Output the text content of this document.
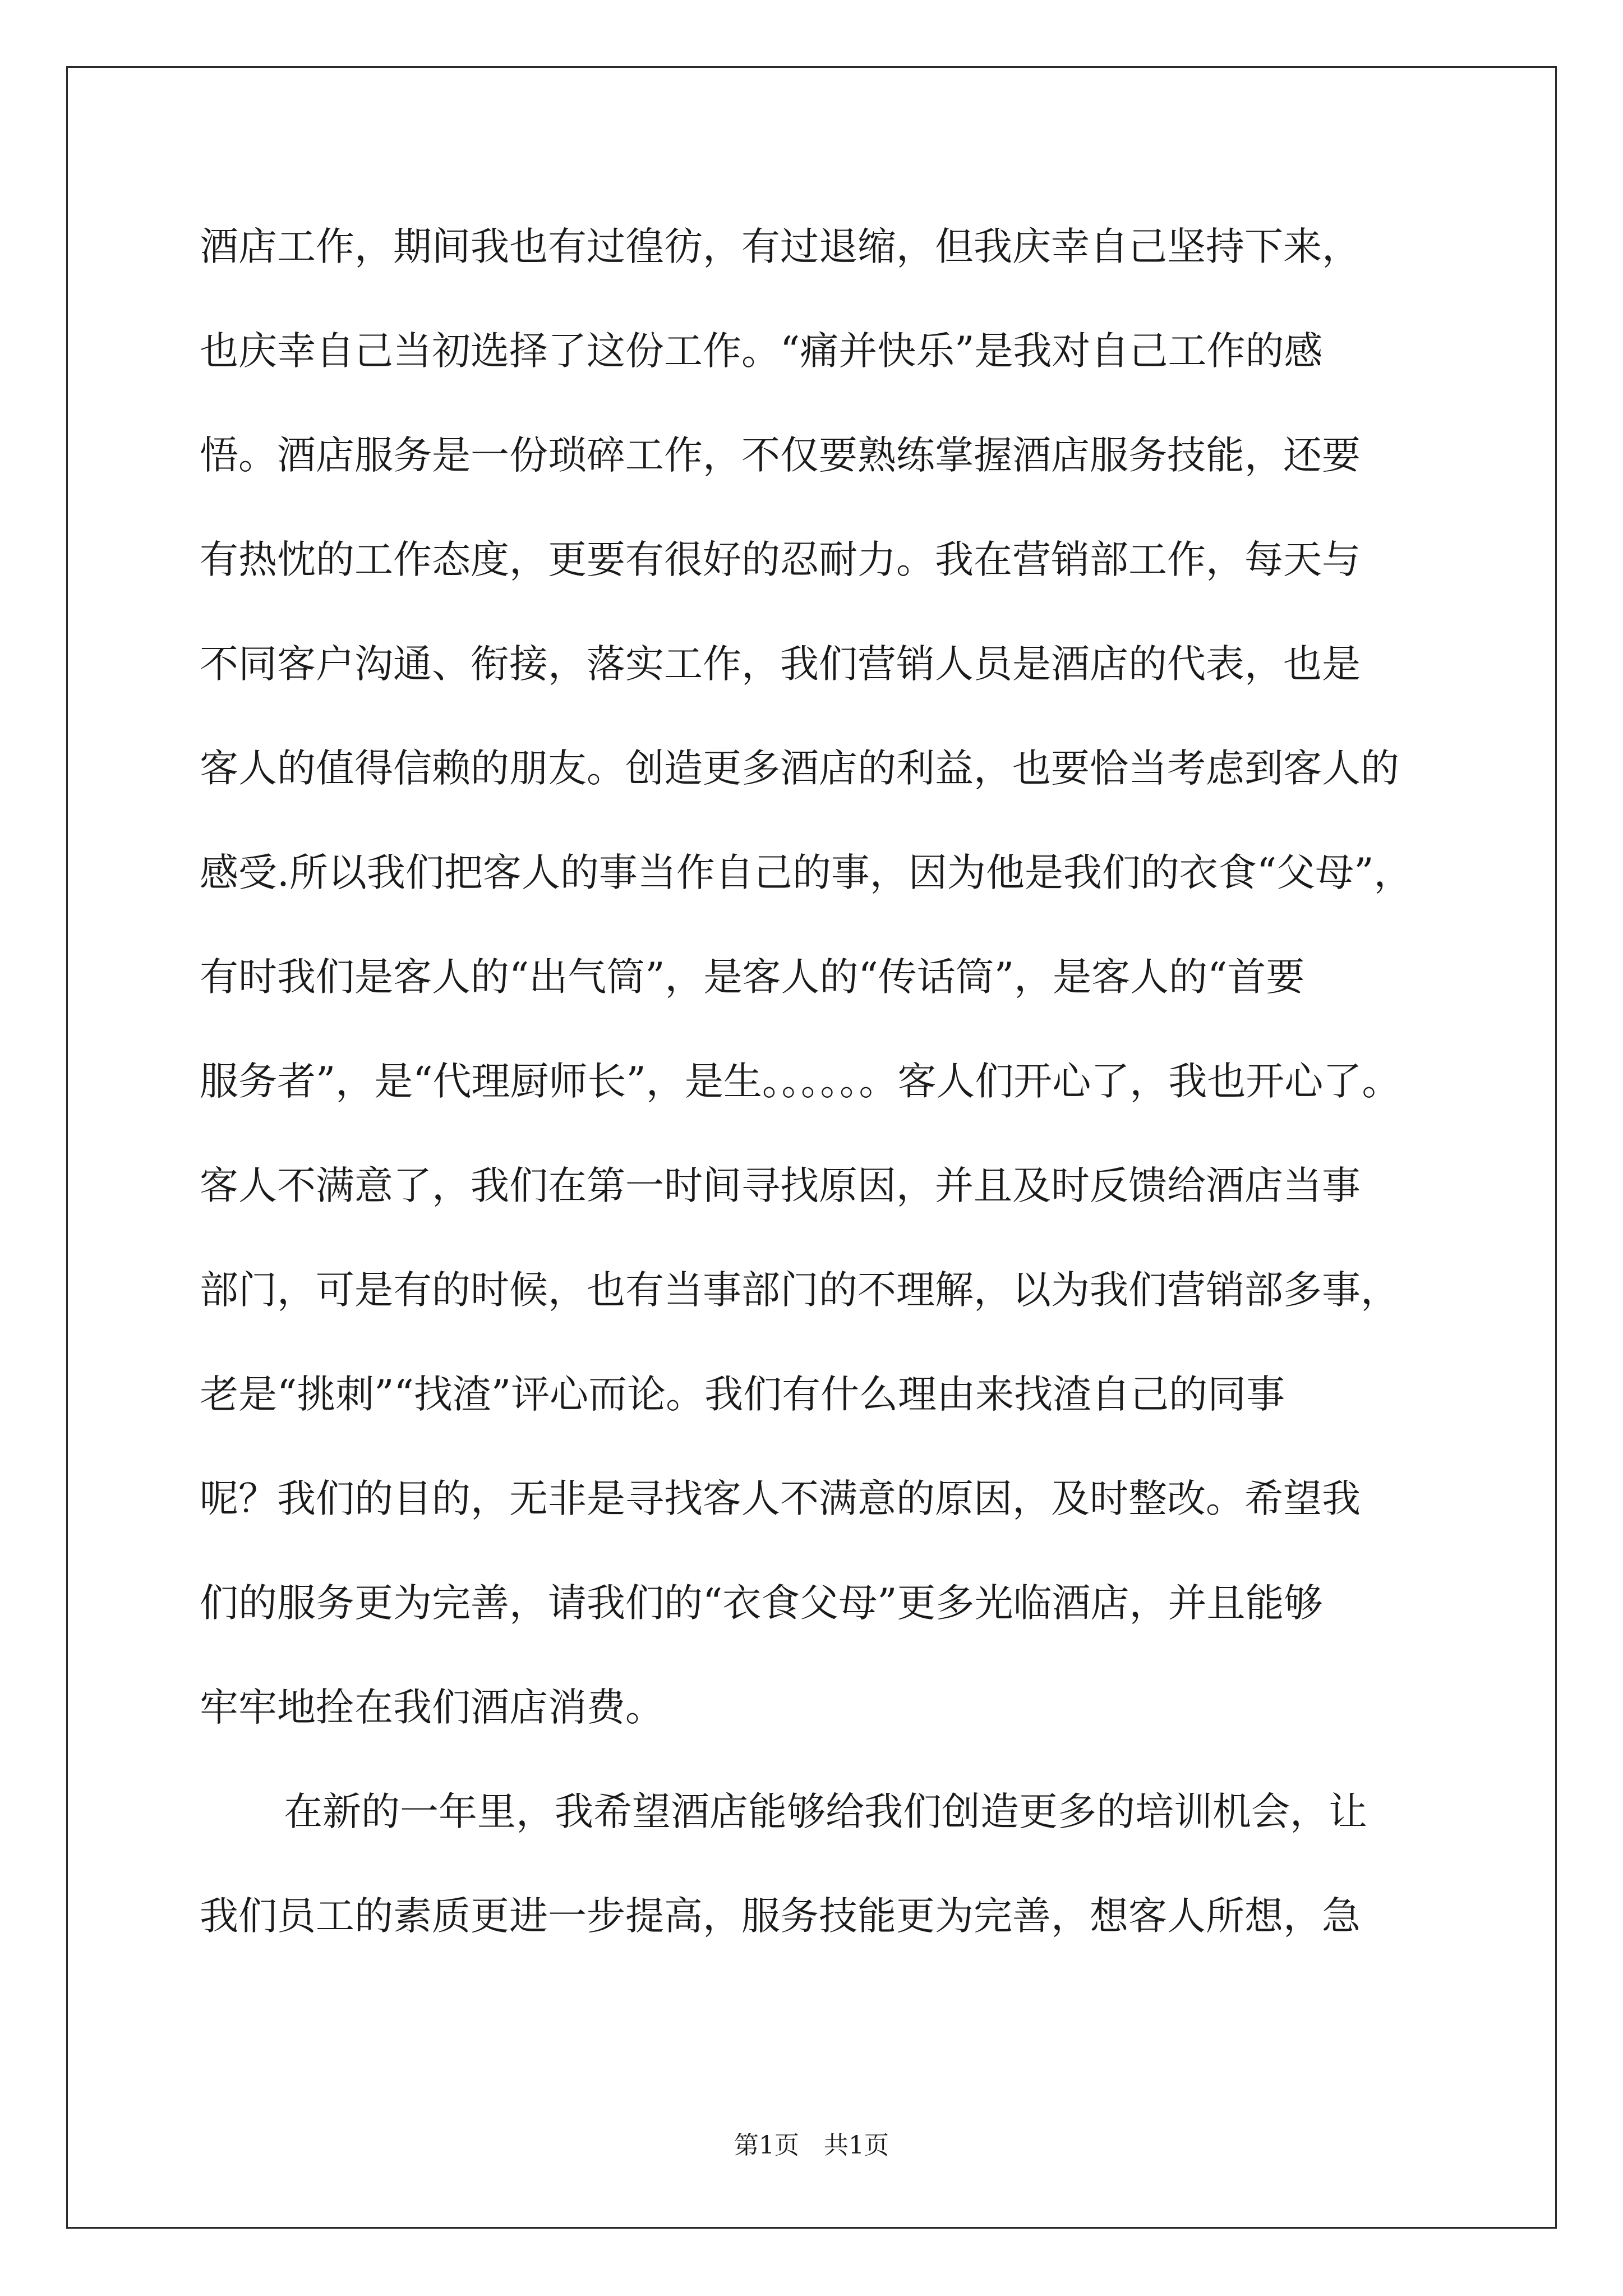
酒店工作，期间我也有过徨彷，有过退缩，但我庆幸自己坚持下来，
也庆幸自己当初选择了这份工作。“痛并快乐”是我对自己工作的感
悟。酒店服务是一份琐碎工作，不仅要熟练掌握酒店服务技能，还要
有热忱的工作态度，更要有很好的忍耐力。我在营销部工作，每天与
不同客户沟通、衔接，落实工作，我们营销人员是酒店的代表，也是
客人的值得信赖的朋友。创造更多酒店的利益，也要恰当考虑到客人的
感受.所以我们把客人的事当作自己的事，因为他是我们的衣食“父母”，
有时我们是客人的“出气筒”，是客人的“传话筒”，是客人的“首要
服务者”，是“代理厨师长”，是生。。。。。。客人们开心了，我也开心了。
客人不满意了，我们在第一时间寻找原因，并且及时反馈给酒店当事
部门，可是有的时候，也有当事部门的不理解，以为我们营销部多事，
老是“挑刺”“找渣”评心而论。我们有什么理由来找渣自己的同事
呢？我们的目的，无非是寻找客人不满意的原因，及时整改。希望我
们的服务更为完善，请我们的“衣食父母”更多光临酒店，并且能够
牢牢地拴在我们酒店消费。
在新的一年里，我希望酒店能够给我们创造更多的培训机会，让
我们员工的素质更进一步提高，服务技能更为完善，想客人所想，急
第1页　共1页
